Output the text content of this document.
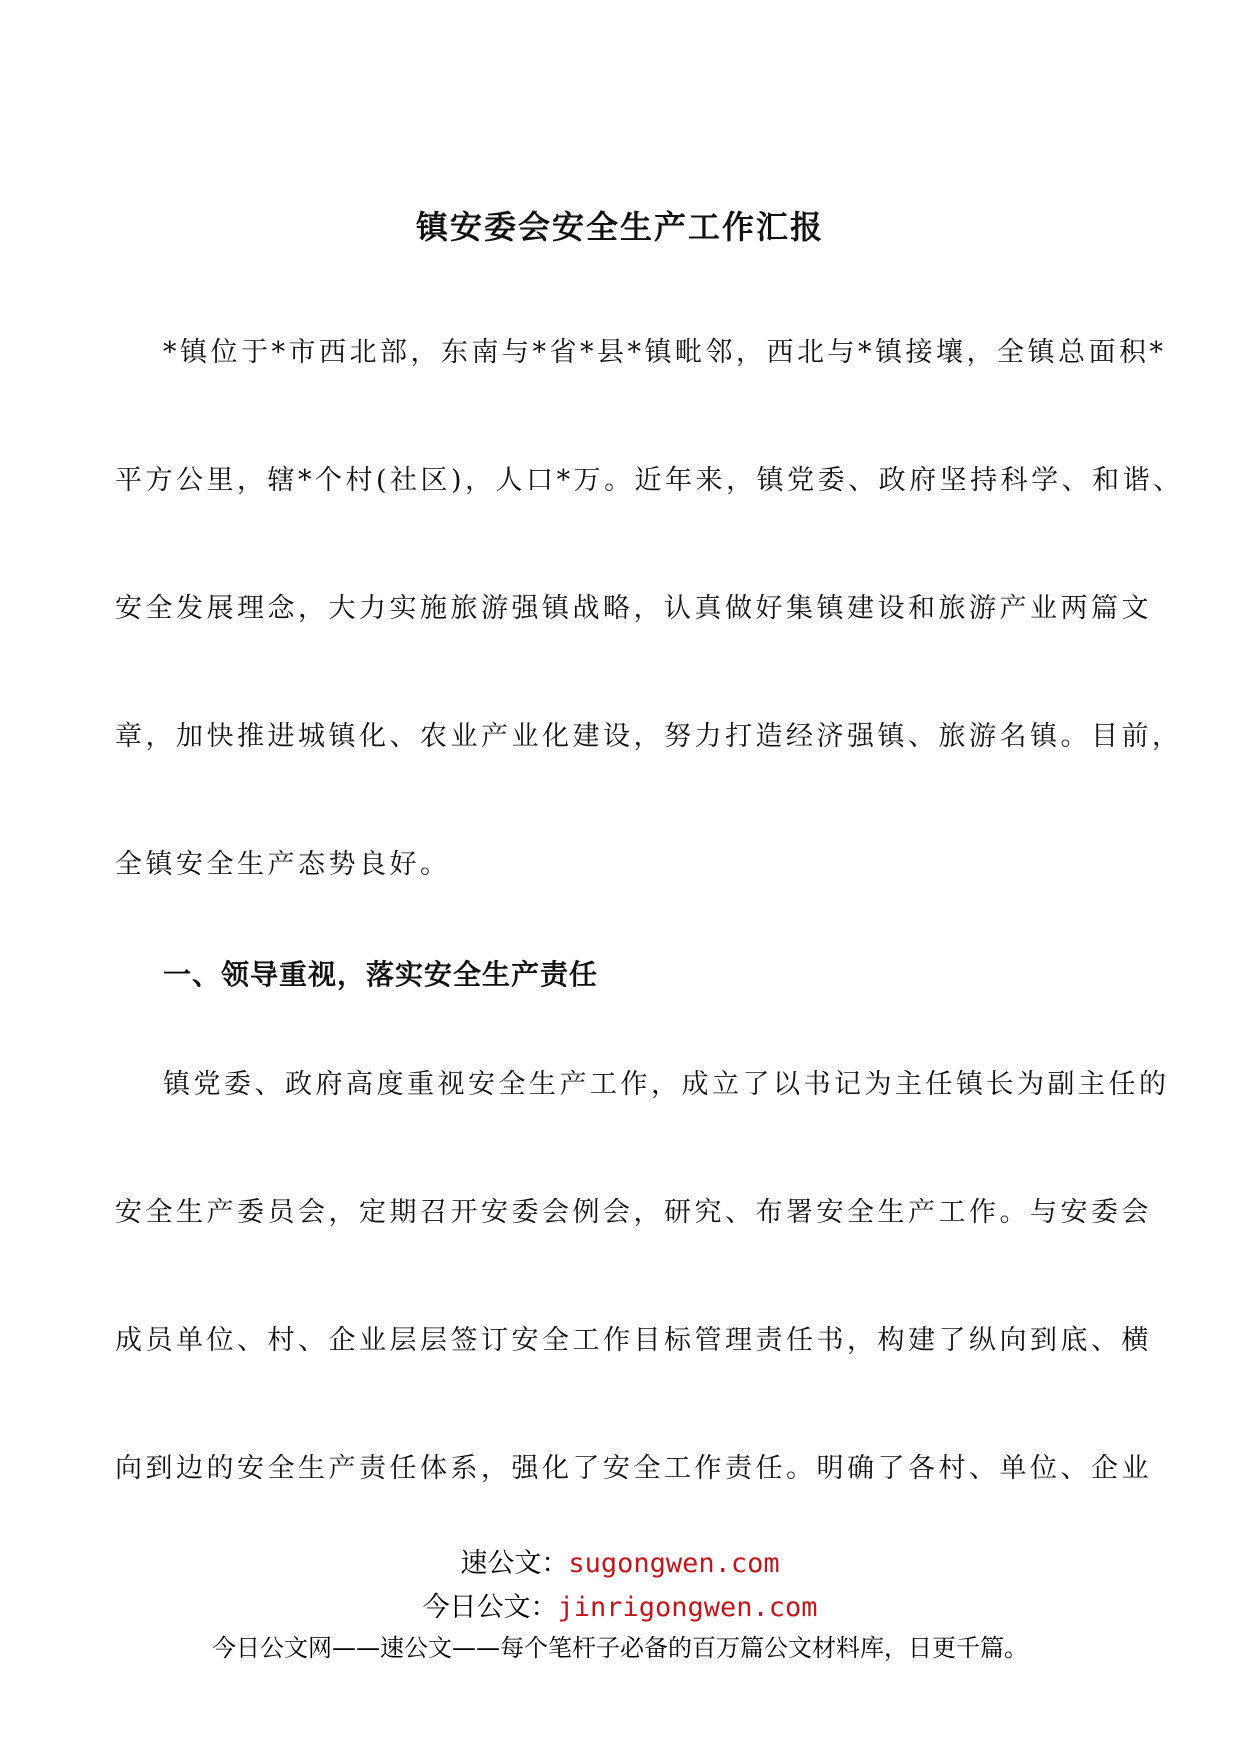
镇安委会安全生产工作汇报
*镇位于*市西北部，东南与*省*县*镇毗邻，西北与*镇接壤，全镇总面积*
平方公里，辖*个村(社区)，人口*万。近年来，镇党委、政府坚持科学、和谐、
安全发展理念，大力实施旅游强镇战略，认真做好集镇建设和旅游产业两篇文
章，加快推进城镇化、农业产业化建设，努力打造经济强镇、旅游名镇。目前，
全镇安全生产态势良好。
一、领导重视，落实安全生产责任
镇党委、政府高度重视安全生产工作，成立了以书记为主任镇长为副主任的
安全生产委员会，定期召开安委会例会，研究、布署安全生产工作。与安委会
成员单位、村、企业层层签订安全工作目标管理责任书，构建了纵向到底、横
向到边的安全生产责任体系，强化了安全工作责任。明确了各村、单位、企业
速公文：sugongwen.com
今日公文：jinrigongwen.com
今日公文网——速公文——每个笔杆子必备的百万篇公文材料库，日更千篇。
